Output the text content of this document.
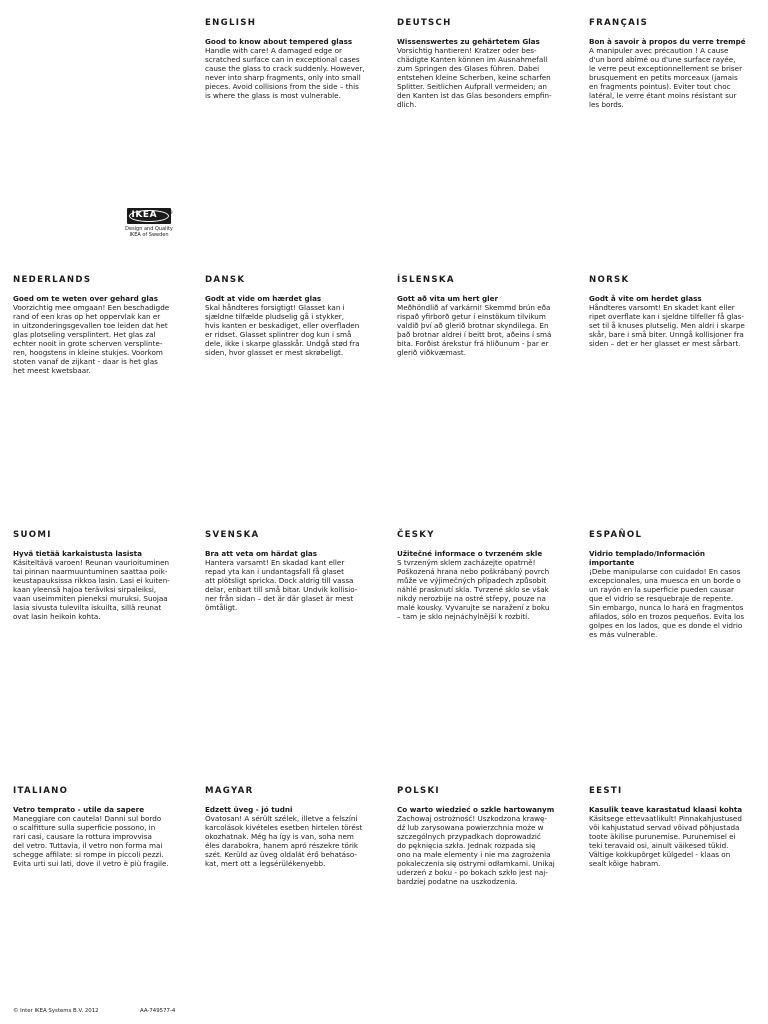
ENGLISH

Good to know about tempered glass

Handle with care! A damaged edge or
scratched surface can in exceptional cases
cause the glass to crack suddenly. However,
never into sharp fragments, only into small
pieces. Avoid collisions from the side – this
is where the glass is most vulnerable.

DEUTSCH

Wissenswertes zu gehärtetem Glas

Vorsichtig hantieren! Kratzer oder bes-
chädigte Kanten können im Ausnahmefall
zum Springen des Glases führen. Dabei
entstehen kleine Scherben, keine scharfen
Splitter. Seitlichen Aufprall vermeiden; an
den Kanten ist das Glas besonders empfin-
dlich.

FRANÇAIS

Bon à savoir à propos du verre trempé

A manipuler avec précaution ! A cause
d'un bord abîmé ou d'une surface rayée,
le verre peut exceptionnellement se briser
brusquement en petits morceaux (jamais
en fragments pointus). Eviter tout choc
latéral, le verre étant moins résistant sur
les bords.

IKEA ®
Design and Quality
IKEA of Sweden

NEDERLANDS

Goed om te weten over gehard glas

Voorzichtig mee omgaan! Een beschadigde
rand of een kras op het oppervlak kan er
in uitzonderingsgevallen toe leiden dat het
glas plotseling versplintert. Het glas zal
echter nooit in grote scherven versplinte-
ren, hoogstens in kleine stukjes. Voorkom
stoten vanaf de zijkant - daar is het glas
het meest kwetsbaar.

DANSK

Godt at vide om hærdet glas

Skal håndteres forsigtigt! Glasset kan i
sjældne tilfælde pludselig gå i stykker,
hvis kanten er beskadiget, eller overfladen
er ridset. Glasset splintrer dog kun i små
dele, ikke i skarpe glasskår. Undgå stød fra
siden, hvor glasset er mest skrøbeligt.

ÍSLENSKA

Gott að vita um hert gler

Meðhöndlið af varkárni! Skemmd brún eða
rispað yfirborð getur í einstökum tilvikum
valdið því að glerið brotnar skyndilega. En
það brotnar aldrei í beitt brot, aðeins í smá
bita. Forðist árekstur frá hliðunum - þar er
glerið viðkvæmast.

NORSK

Godt å vite om herdet glass

Håndteres varsomt! En skadet kant eller
ripet overflate kan i sjeldne tilfeller få glas-
set til å knuses plutselig. Men aldri i skarpe
skår, bare i små biter. Unngå kollisjoner fra
siden – det er her glasset er mest sårbart.

SUOMI

Hyvä tietää karkaistusta lasista

Käsiteltävä varoen! Reunan vaurioituminen
tai pinnan naarmuuntuminen saattaa poik-
keustapauksissa rikkoa lasin. Lasi ei kuiten-
kaan yleensä hajoa teräviksi sirpaleiksi,
vaan useimmiten pieneksi muruksi. Suojaa
lasia sivusta tulevilta iskuilta, sillä reunat
ovat lasin heikoin kohta.

SVENSKA

Bra att veta om härdat glas

Hantera varsamt! En skadad kant eller
repad yta kan i undantagsfall få glaset
att plötsligt spricka. Dock aldrig till vassa
delar, enbart till små bitar. Undvik kollisio-
ner från sidan – det är där glaset är mest
ömtåligt.

ČESKY

Užitečné informace o tvrzeném skle

S tvrzeným sklem zacházejte opatrně!
Poškozená hrana nebo poškrábaný povrch
může ve výjimečných případech způsobit
náhlé prasknutí skla. Tvrzené sklo se však
nikdy nerozbije na ostré střepy, pouze na
malé kousky. Vyvarujte se naražení z boku
– tam je sklo nejnáchylnější k rozbití.

ESPAÑOL

Vidrio templado/Información
importante

¡Debe manipularse con cuidado! En casos
excepcionales, una muesca en un borde o
un rayón en la superficie pueden causar
que el vidrio se resquebraje de repente.
Sin embargo, nunca lo hará en fragmentos
afilados, sólo en trozos pequeños. Evita los
golpes en los lados, que es donde el vidrio
es más vulnerable.

ITALIANO

Vetro temprato - utile da sapere

Maneggiare con cautela! Danni sul bordo
o scalfitture sulla superficie possono, in
rari casi, causare la rottura improvvisa
del vetro. Tuttavia, il vetro non forma mai
schegge affilate: si rompe in piccoli pezzi.
Evita urti sui lati, dove il vetro è più fragile.

MAGYAR

Edzett üveg - jó tudni

Óvatosan! A sérült szélek, illetve a felszíni
karcolások kivételes esetben hirtelen törést
okozhatnak. Még ha így is van, soha nem
éles darabokra, hanem apró részekre törik
szét. Kerüld az üveg oldalát érő behatáso-
kat, mert ott a legsérülékenyebb.

POLSKI

Co warto wiedzieć o szkle hartowanym

Zachowaj ostrożność! Uszkodzona krawę-
dź lub zarysowana powierzchnia może w
szczególnych przypadkach doprowadzić
do pęknięcia szkła. Jednak rozpada się
ono na małe elementy i nie ma zagrożenia
pokaleczenia się ostrymi odłamkami. Unikaj
uderzeń z boku - po bokach szkło jest naj-
bardziej podatne na uszkodzenia.

EESTI

Kasulik teave karastatud klaasi kohta

Käsitsege ettevaatlikult! Pinnakahjustused
või kahjustatud servad võivad põhjustada
toote äkilise purunemise. Purunemisel ei
teki teravaid osi, ainult väikesed tükid.
Vältige kokkupõrget külgedel - klaas on
sealt kõige habram.

© Inter IKEA Systems B.V. 2012	AA-749577-4
